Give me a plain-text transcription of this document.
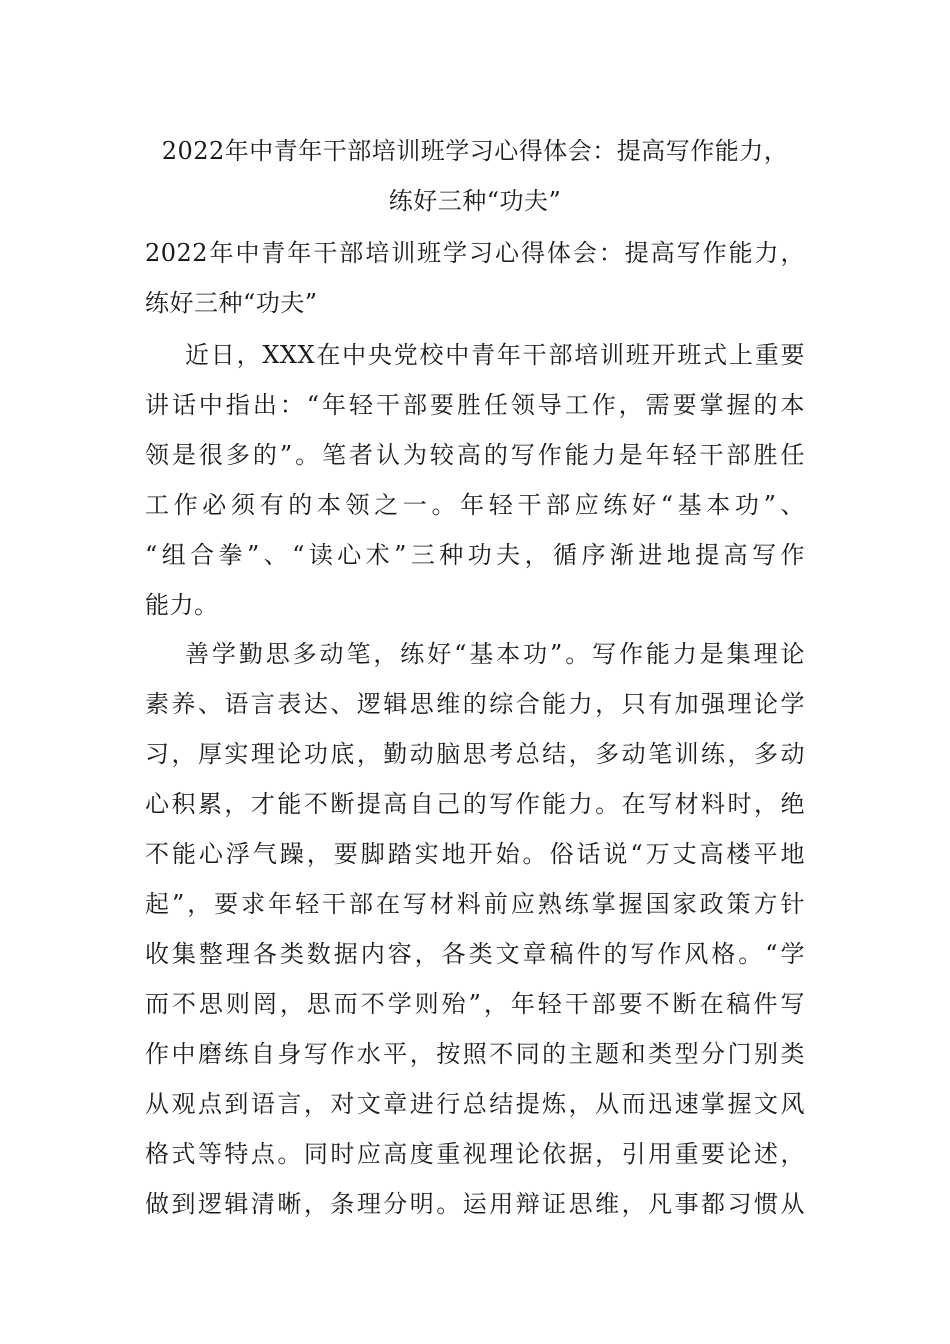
2022年中青年干部培训班学习心得体会：提高写作能力，
练好三种“功夫”
2022年中青年干部培训班学习心得体会：提高写作能力，
练好三种“功夫”
近日，XXX在中央党校中青年干部培训班开班式上重要
讲话中指出：“年轻干部要胜任领导工作，需要掌握的本
领是很多的”。笔者认为较高的写作能力是年轻干部胜任
工作必须有的本领之一。年轻干部应练好“基本功”、
“组合拳”、“读心术”三种功夫，循序渐进地提高写作
能力。
善学勤思多动笔，练好“基本功”。写作能力是集理论
素养、语言表达、逻辑思维的综合能力，只有加强理论学
习，厚实理论功底，勤动脑思考总结，多动笔训练，多动
心积累，才能不断提高自己的写作能力。在写材料时，绝
不能心浮气躁，要脚踏实地开始。俗话说“万丈高楼平地
起”，要求年轻干部在写材料前应熟练掌握国家政策方针
收集整理各类数据内容，各类文章稿件的写作风格。“学
而不思则罔，思而不学则殆”，年轻干部要不断在稿件写
作中磨练自身写作水平，按照不同的主题和类型分门别类
从观点到语言，对文章进行总结提炼，从而迅速掌握文风
格式等特点。同时应高度重视理论依据，引用重要论述，
做到逻辑清晰，条理分明。运用辩证思维，凡事都习惯从
